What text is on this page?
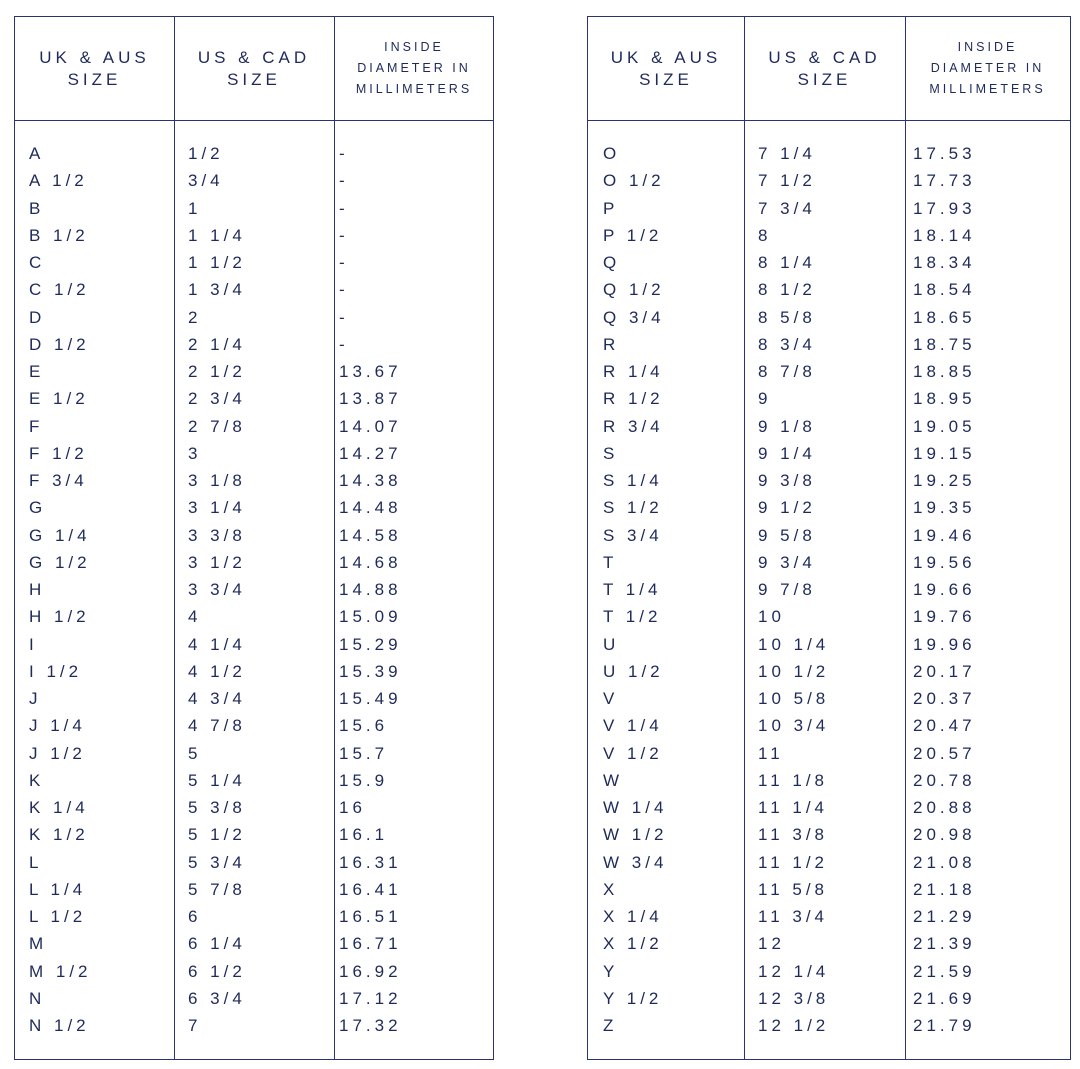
UK & AUS
SIZE
US & CAD
SIZE
INSIDE
DIAMETER IN
MILLIMETERS
A	1/2	-
A 1/2	3/4	-
B	1	-
B 1/2	1 1/4	-
C	1 1/2	-
C 1/2	1 3/4	-
D	2	-
D 1/2	2 1/4	-
E	2 1/2	13.67
E 1/2	2 3/4	13.87
F	2 7/8	14.07
F 1/2	3	14.27
F 3/4	3 1/8	14.38
G	3 1/4	14.48
G 1/4	3 3/8	14.58
G 1/2	3 1/2	14.68
H	3 3/4	14.88
H 1/2	4	15.09
I	4 1/4	15.29
I 1/2	4 1/2	15.39
J	4 3/4	15.49
J 1/4	4 7/8	15.6
J 1/2	5	15.7
K	5 1/4	15.9
K 1/4	5 3/8	16
K 1/2	5 1/2	16.1
L	5 3/4	16.31
L 1/4	5 7/8	16.41
L 1/2	6	16.51
M	6 1/4	16.71
M 1/2	6 1/2	16.92
N	6 3/4	17.12
N 1/2	7	17.32
UK & AUS
SIZE
US & CAD
SIZE
INSIDE
DIAMETER IN
MILLIMETERS
O	7 1/4	17.53
O 1/2	7 1/2	17.73
P	7 3/4	17.93
P 1/2	8	18.14
Q	8 1/4	18.34
Q 1/2	8 1/2	18.54
Q 3/4	8 5/8	18.65
R	8 3/4	18.75
R 1/4	8 7/8	18.85
R 1/2	9	18.95
R 3/4	9 1/8	19.05
S	9 1/4	19.15
S 1/4	9 3/8	19.25
S 1/2	9 1/2	19.35
S 3/4	9 5/8	19.46
T	9 3/4	19.56
T 1/4	9 7/8	19.66
T 1/2	10	19.76
U	10 1/4	19.96
U 1/2	10 1/2	20.17
V	10 5/8	20.37
V 1/4	10 3/4	20.47
V 1/2	11	20.57
W	11 1/8	20.78
W 1/4	11 1/4	20.88
W 1/2	11 3/8	20.98
W 3/4	11 1/2	21.08
X	11 5/8	21.18
X 1/4	11 3/4	21.29
X 1/2	12	21.39
Y	12 1/4	21.59
Y 1/2	12 3/8	21.69
Z	12 1/2	21.79
